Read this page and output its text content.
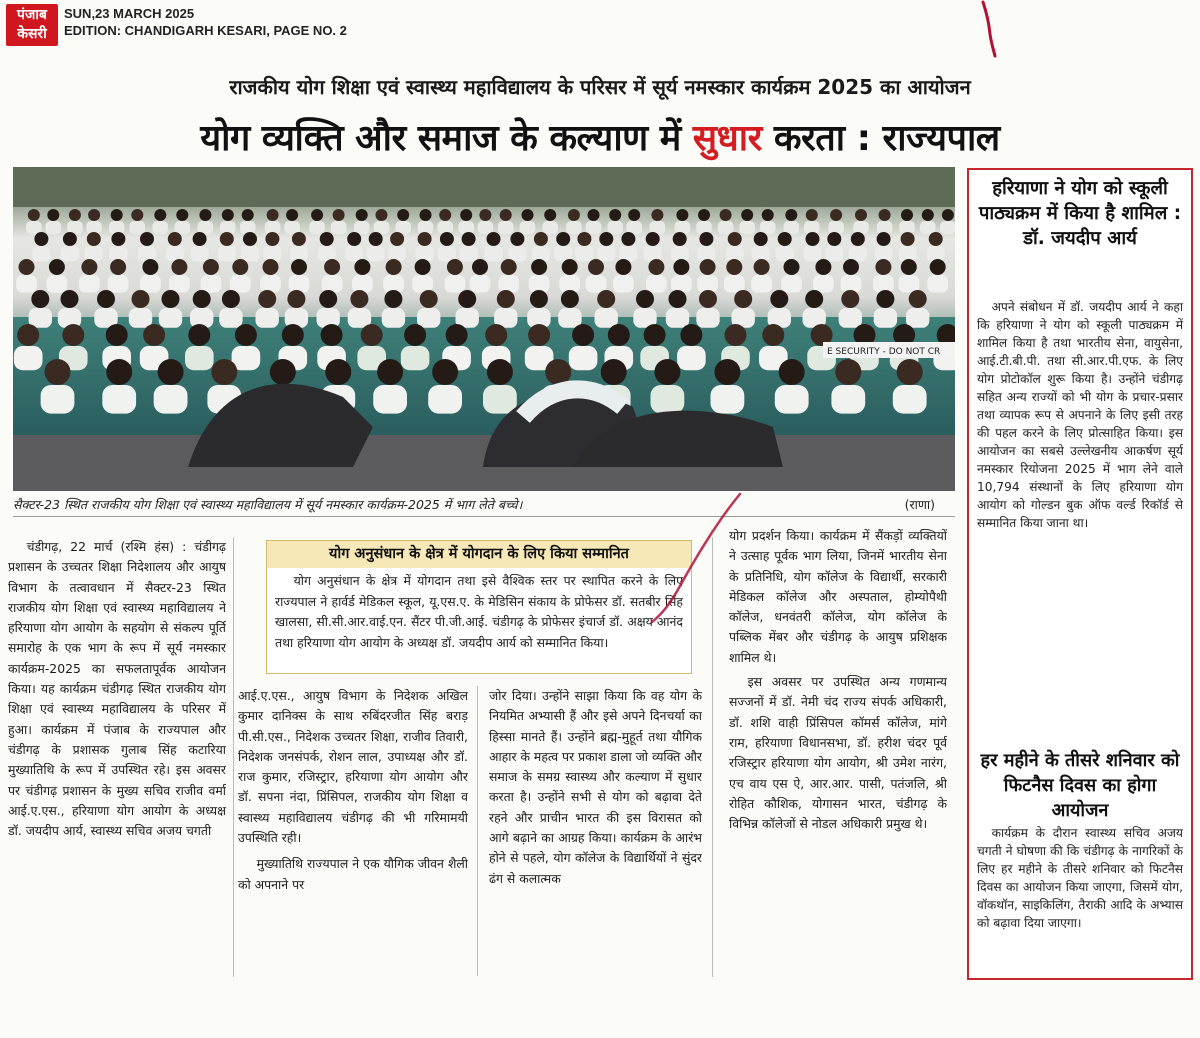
पंजाब
केसरी
SUN,23 MARCH 2025
EDITION: CHANDIGARH KESARI, PAGE NO. 2
राजकीय योग शिक्षा एवं स्वास्थ्य महाविद्यालय के परिसर में सूर्य नमस्कार कार्यक्रम 2025 का आयोजन
योग व्यक्ति और समाज के कल्याण में सुधार करता : राज्यपाल
E SECURITY - DO NOT CR
सैक्टर-23 स्थित राजकीय योग शिक्षा एवं स्वास्थ्य महाविद्यालय में सूर्य नमस्कार कार्यक्रम-2025 में भाग लेते बच्चे।	(राणा)

चंडीगढ़, 22 मार्च (रश्मि हंस) : चंडीगढ़ प्रशासन के उच्चतर शिक्षा निदेशालय और आयुष विभाग के तत्वावधान में सैक्टर-23 स्थित राजकीय योग शिक्षा एवं स्वास्थ्य महाविद्यालय ने हरियाणा योग आयोग के सहयोग से संकल्प पूर्ति समारोह के एक भाग के रूप में सूर्य नमस्कार कार्यक्रम-2025 का सफलतापूर्वक आयोजन किया। यह कार्यक्रम चंडीगढ़ स्थित राजकीय योग शिक्षा एवं स्वास्थ्य महाविद्यालय के परिसर में हुआ। कार्यक्रम में पंजाब के राज्यपाल और चंडीगढ़ के प्रशासक गुलाब सिंह कटारिया मुख्यातिथि के रूप में उपस्थित रहे। इस अवसर पर चंडीगढ़ प्रशासन के मुख्य सचिव राजीव वर्मा आई.ए.एस., हरियाणा योग आयोग के अध्यक्ष डॉ. जयदीप आर्य, स्वास्थ्य सचिव अजय चगती

योग अनुसंधान के क्षेत्र में योगदान के लिए किया सम्मानित
योग अनुसंधान के क्षेत्र में योगदान तथा इसे वैश्विक स्तर पर स्थापित करने के लिए राज्यपाल ने हार्वर्ड मेडिकल स्कूल, यू.एस.ए. के मेडिसिन संकाय के प्रोफेसर डॉ. सतबीर सिंह खालसा, सी.सी.आर.वाई.एन. सैंटर पी.जी.आई. चंडीगढ़ के प्रोफेसर इंचार्ज डॉ. अक्षय आनंद तथा हरियाणा योग आयोग के अध्यक्ष डॉ. जयदीप आर्य को सम्मानित किया।

आई.ए.एस., आयुष विभाग के निदेशक अखिल कुमार दानिक्स के साथ रुबिंदरजीत सिंह बराड़ पी.सी.एस., निदेशक उच्चतर शिक्षा, राजीव तिवारी, निदेशक जनसंपर्क, रोशन लाल, उपाध्यक्ष और डॉ. राज कुमार, रजिस्ट्रार, हरियाणा योग आयोग और डॉ. सपना नंदा, प्रिंसिपल, राजकीय योग शिक्षा व स्वास्थ्य महाविद्यालय चंडीगढ़ की भी गरिमामयी उपस्थिति रही।

मुख्यातिथि राज्यपाल ने एक यौगिक जीवन शैली को अपनाने पर

जोर दिया। उन्होंने साझा किया कि वह योग के नियमित अभ्यासी हैं और इसे अपने दिनचर्या का हिस्सा मानते हैं। उन्होंने ब्रह्म-मुहूर्त तथा यौगिक आहार के महत्व पर प्रकाश डाला जो व्यक्ति और समाज के समग्र स्वास्थ्य और कल्याण में सुधार करता है। उन्होंने सभी से योग को बढ़ावा देते रहने और प्राचीन भारत की इस विरासत को आगे बढ़ाने का आग्रह किया। कार्यक्रम के आरंभ होने से पहले, योग कॉलेज के विद्यार्थियों ने सुंदर ढंग से कलात्मक

योग प्रदर्शन किया। कार्यक्रम में सैंकड़ों व्यक्तियों ने उत्साह पूर्वक भाग लिया, जिनमें भारतीय सेना के प्रतिनिधि, योग कॉलेज के विद्यार्थी, सरकारी मेडिकल कॉलेज और अस्पताल, होम्योपैथी कॉलेज, धनवंतरी कॉलेज, योग कॉलेज के पब्लिक मेंबर और चंडीगढ़ के आयुष प्रशिक्षक शामिल थे।

इस अवसर पर उपस्थित अन्य गणमान्य सज्जनों में डॉ. नेमी चंद राज्य संपर्क अधिकारी, डॉ. शशि वाही प्रिंसिपल कॉमर्स कॉलेज, मांगे राम, हरियाणा विधानसभा, डॉ. हरीश चंदर पूर्व रजिस्ट्रार हरियाणा योग आयोग, श्री उमेश नारंग, एच वाय एस ऐ, आर.आर. पासी, पतंजलि, श्री रोहित कौशिक, योगासन भारत, चंडीगढ़ के विभिन्न कॉलेजों से नोडल अधिकारी प्रमुख थे।

हरियाणा ने योग को स्कूली पाठ्यक्रम में किया है शामिल : डॉ. जयदीप आर्य

अपने संबोधन में डॉ. जयदीप आर्य ने कहा कि हरियाणा ने योग को स्कूली पाठ्यक्रम में शामिल किया है तथा भारतीय सेना, वायुसेना, आई.टी.बी.पी. तथा सी.आर.पी.एफ. के लिए योग प्रोटोकॉल शुरू किया है। उन्होंने चंडीगढ़ सहित अन्य राज्यों को भी योग के प्रचार-प्रसार तथा व्यापक रूप से अपनाने के लिए इसी तरह की पहल करने के लिए प्रोत्साहित किया। इस आयोजन का सबसे उल्लेखनीय आकर्षण सूर्य नमस्कार रियोजना 2025 में भाग लेने वाले 10,794 संस्थानों के लिए हरियाणा योग आयोग को गोल्डन बुक ऑफ वर्ल्ड रिकॉर्ड से सम्मानित किया जाना था।

हर महीने के तीसरे शनिवार को फिटनैस दिवस का होगा आयोजन

कार्यक्रम के दौरान स्वास्थ्य सचिव अजय चगती ने घोषणा की कि चंडीगढ़ के नागरिकों के लिए हर महीने के तीसरे शनिवार को फिटनैस दिवस का आयोजन किया जाएगा, जिसमें योग, वॉकथॉन, साइकिलिंग, तैराकी आदि के अभ्यास को बढ़ावा दिया जाएगा।
